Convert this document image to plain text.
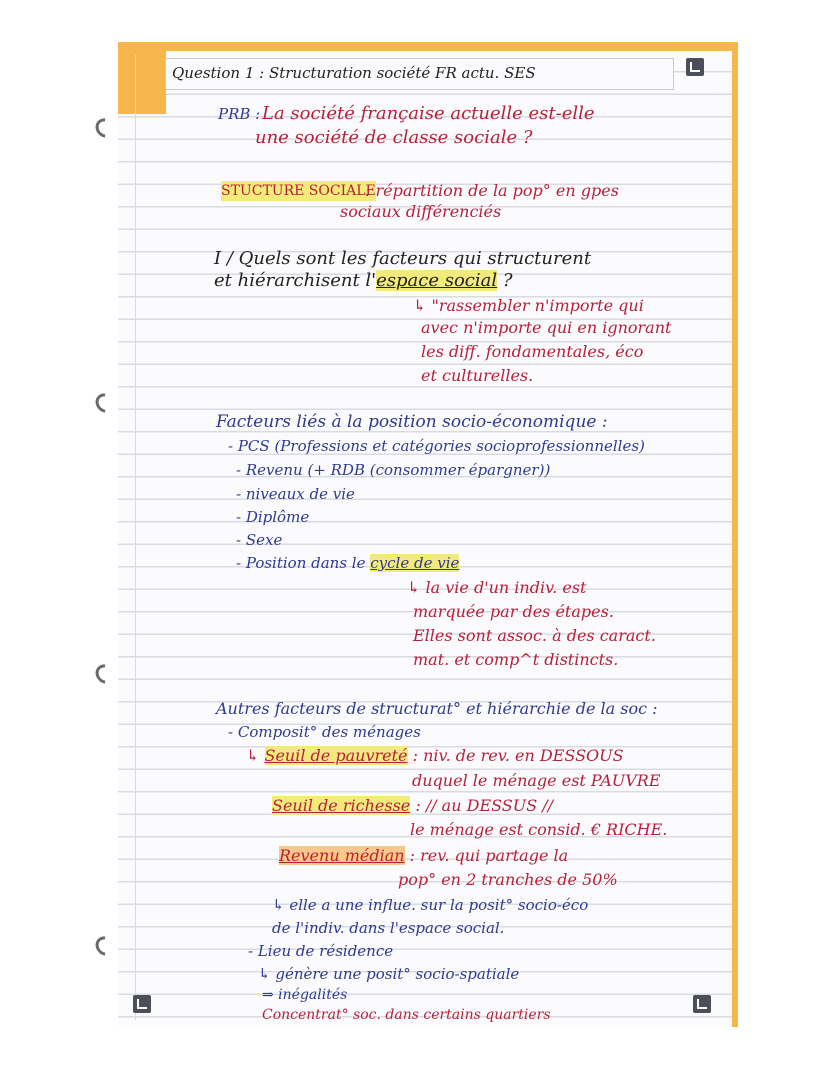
Question 1 : Structuration société FR actu. SES
PRB : La société française actuelle est-elle
une société de classe sociale ?
STUCTURE SOCIALE
: répartition de la pop° en gpes
sociaux différenciés
I / Quels sont les facteurs qui structurent
et hiérarchisent l'espace social ?
↳ "rassembler n'importe qui
avec n'importe qui en ignorant
les diff. fondamentales, éco
et culturelles.
Facteurs liés à la position socio-économique :
- PCS (Professions et catégories socioprofessionnelles)
- Revenu (+ RDB (consommer épargner))
- niveaux de vie
- Diplôme
- Sexe
- Position dans le cycle de vie
↳ la vie d'un indiv. est
marquée par des étapes.
Elles sont assoc. à des caract.
mat. et comp^t distincts.
Autres facteurs de structurat° et hiérarchie de la soc :
- Composit° des ménages
↳ Seuil de pauvreté : niv. de rev. en DESSOUS
duquel le ménage est PAUVRE
Seuil de richesse : // au DESSUS //
le ménage est consid. € RICHE.
Revenu médian : rev. qui partage la
pop° en 2 tranches de 50%
↳ elle a une influe. sur la posit° socio-éco
de l'indiv. dans l'espace social.
- Lieu de résidence
↳ génère une posit° socio-spatiale
⇒ inégalités
Concentrat° soc. dans certains quartiers
